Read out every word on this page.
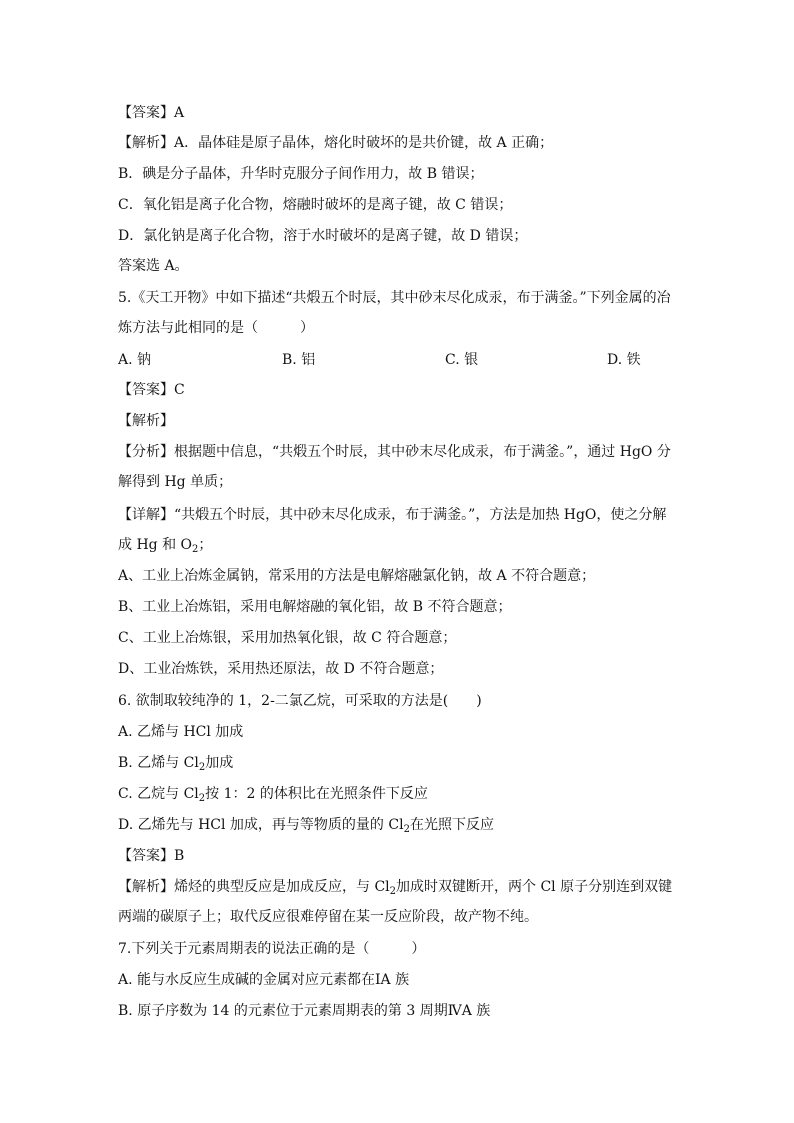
【答案】A
【解析】A．晶体硅是原子晶体，熔化时破坏的是共价键，故 A 正确；
B．碘是分子晶体，升华时克服分子间作用力，故 B 错误；
C．氧化铝是离子化合物，熔融时破坏的是离子键，故 C 错误；
D．氯化钠是离子化合物，溶于水时破坏的是离子键，故 D 错误；
答案选 A。
5.《天工开物》中如下描述“共煅五个时辰，其中砂末尽化成汞，布于满釜。”下列金属的冶
炼方法与此相同的是（　　　）
A. 钠	B. 铝	C. 银	D. 铁
【答案】C
【解析】
【分析】根据题中信息，“共煅五个时辰，其中砂末尽化成汞，布于满釜。”，通过 HgO 分
解得到 Hg 单质；
【详解】“共煅五个时辰，其中砂末尽化成汞，布于满釜。”，方法是加热 HgO，使之分解
成 Hg 和 $O_2$；
A、工业上冶炼金属钠，常采用的方法是电解熔融氯化钠，故 A 不符合题意；
B、工业上冶炼铝，采用电解熔融的氧化铝，故 B 不符合题意；
C、工业上冶炼银，采用加热氧化银，故 C 符合题意；
D、工业冶炼铁，采用热还原法，故 D 不符合题意；
6. 欲制取较纯净的 1，2-二氯乙烷，可采取的方法是(　　)
A. 乙烯与 HCl 加成
B. 乙烯与 $Cl_2$加成
C. 乙烷与 $Cl_2$按 1：2 的体积比在光照条件下反应
D. 乙烯先与 HCl 加成，再与等物质的量的 $Cl_2$在光照下反应
【答案】B
【解析】烯烃的典型反应是加成反应，与 $Cl_2$加成时双键断开，两个 Cl 原子分别连到双键
两端的碳原子上；取代反应很难停留在某一反应阶段，故产物不纯。
7.下列关于元素周期表的说法正确的是（　　　）
A. 能与水反应生成碱的金属对应元素都在ⅠA 族
B. 原子序数为 14 的元素位于元素周期表的第 3 周期ⅣA 族
